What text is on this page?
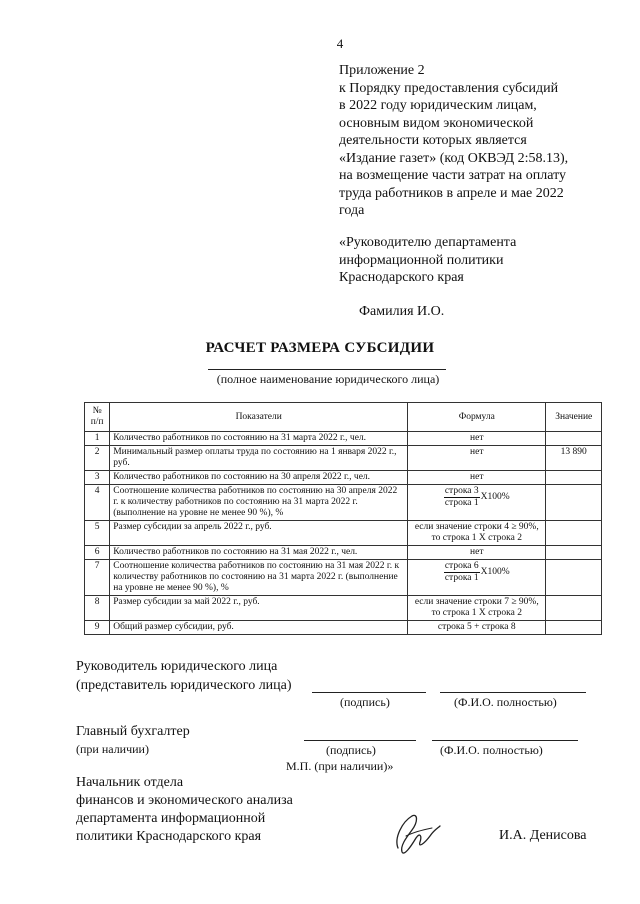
4
Приложение 2
к Порядку предоставления субсидий
в 2022 году юридическим лицам,
основным видом экономической
деятельности которых является
«Издание газет» (код ОКВЭД 2:58.13),
на возмещение части затрат на оплату
труда работников в апреле и мае 2022
года
«Руководителю департамента
информационной политики
Краснодарского края
Фамилия И.О.
РАСЧЕТ РАЗМЕРА СУБСИДИИ
(полное наименование юридического лица)
№ п/п	Показатели	Формула	Значение
1	Количество работников по состоянию на 31 марта 2022 г., чел.	нет	
2	Минимальный размер оплаты труда по состоянию на 1 января 2022 г., руб.	нет	13 890
3	Количество работников по состоянию на 30 апреля 2022 г., чел.	нет	
4	Соотношение количества работников по состоянию на 30 апреля 2022 г. к количеству работников по состоянию на 31 марта 2022 г. (выполнение на уровне не менее 90 %), %	строка 3
строка 1
Х100%	

5	Размер субсидии за апрель 2022 г., руб.	если значение строки 4 ≥ 90%, то строка 1 Х строка 2	
6	Количество работников по состоянию на 31 мая 2022 г., чел.	нет	
7	Соотношение количества работников по состоянию на 31 мая 2022 г. к количеству работников по состоянию на 31 марта 2022 г. (выполнение на уровне не менее 90 %), %	строка 6
строка 1
Х100%	

8	Размер субсидии за май 2022 г., руб.	если значение строки 7 ≥ 90%, то строка 1 Х строка 2	
9	Общий размер субсидии, руб.	строка 5 + строка 8	
Руководитель юридического лица
(представитель юридического лица)
(подпись)	(Ф.И.О. полностью)
Главный бухгалтер
(при наличии)	(подпись)	(Ф.И.О. полностью)
М.П. (при наличии)»
Начальник отдела
финансов и экономического анализа
департамента информационной
политики Краснодарского края	И.А. Денисова
